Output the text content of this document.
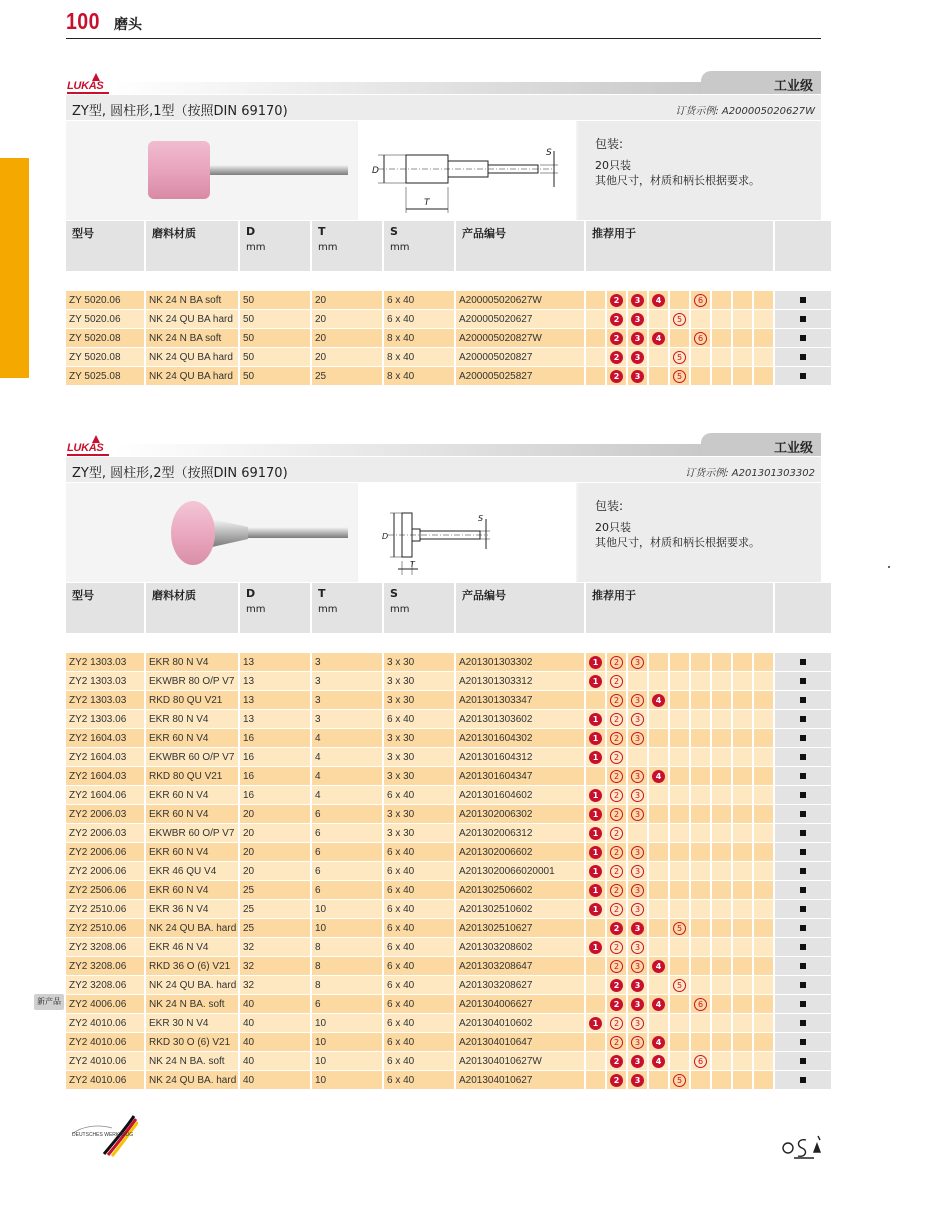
100 磨头
LUKAS	工业级
ZY型, 圆柱形,1型（按照DIN 69170)	订货示例: A200005020627W
D
T
S
包装:
20只装
其他尺寸，材质和柄长根据要求。
型号	磨料材质	D
mm	T
mm	S
mm	产品编号	推荐用于									

ZY 5020.06	NK 24 N BA soft	50	20	6 x 40	A200005020627W		2	3	4		6				
ZY 5020.06	NK 24 QU BA hard	50	20	6 x 40	A200005020627		2	3		5					
ZY 5020.08	NK 24 N BA soft	50	20	8 x 40	A200005020827W		2	3	4		6				
ZY 5020.08	NK 24 QU BA hard	50	20	8 x 40	A200005020827		2	3		5					
ZY 5025.08	NK 24 QU BA hard	50	25	8 x 40	A200005025827		2	3		5					
LUKAS	工业级
ZY型, 圆柱形,2型（按照DIN 69170)	订货示例: A201301303302
D
T
S
包装:
20只装
其他尺寸，材质和柄长根据要求。
型号	磨料材质	D
mm	T
mm	S
mm	产品编号	推荐用于									

ZY2 1303.03	EKR 80 N V4	13	3	3 x 30	A201301303302	1	2	3							
ZY2 1303.03	EKWBR 80 O/P V7	13	3	3 x 30	A201301303312	1	2								
ZY2 1303.03	RKD 80 QU V21	13	3	3 x 30	A201301303347		2	3	4						
ZY2 1303.06	EKR 80 N V4	13	3	6 x 40	A201301303602	1	2	3							
ZY2 1604.03	EKR 60 N V4	16	4	3 x 30	A201301604302	1	2	3							
ZY2 1604.03	EKWBR 60 O/P V7	16	4	3 x 30	A201301604312	1	2								
ZY2 1604.03	RKD 80 QU V21	16	4	3 x 30	A201301604347		2	3	4						
ZY2 1604.06	EKR 60 N V4	16	4	6 x 40	A201301604602	1	2	3							
ZY2 2006.03	EKR 60 N V4	20	6	3 x 30	A201302006302	1	2	3							
ZY2 2006.03	EKWBR 60 O/P V7	20	6	3 x 30	A201302006312	1	2								
ZY2 2006.06	EKR 60 N V4	20	6	6 x 40	A201302006602	1	2	3							
ZY2 2006.06	EKR 46 QU V4	20	6	6 x 40	A2013020066020001	1	2	3							
ZY2 2506.06	EKR 60 N V4	25	6	6 x 40	A201302506602	1	2	3							
ZY2 2510.06	EKR 36 N V4	25	10	6 x 40	A201302510602	1	2	3							
ZY2 2510.06	NK 24 QU BA. hard	25	10	6 x 40	A201302510627		2	3		5					
ZY2 3208.06	EKR 46 N V4	32	8	6 x 40	A201303208602	1	2	3							
ZY2 3208.06	RKD 36 O (6) V21	32	8	6 x 40	A201303208647		2	3	4						
ZY2 3208.06	NK 24 QU BA. hard	32	8	6 x 40	A201303208627		2	3		5					
ZY2 4006.06	NK 24 N BA. soft	40	6	6 x 40	A201304006627		2	3	4		6				
ZY2 4010.06	EKR 30 N V4	40	10	6 x 40	A201304010602	1	2	3							
ZY2 4010.06	RKD 30 O (6) V21	40	10	6 x 40	A201304010647		2	3	4						
ZY2 4010.06	NK 24 N BA. soft	40	10	6 x 40	A201304010627W		2	3	4		6				
ZY2 4010.06	NK 24 QU BA. hard	40	10	6 x 40	A201304010627		2	3		5					
新产品
DEUTSCHES WERKZEUG
